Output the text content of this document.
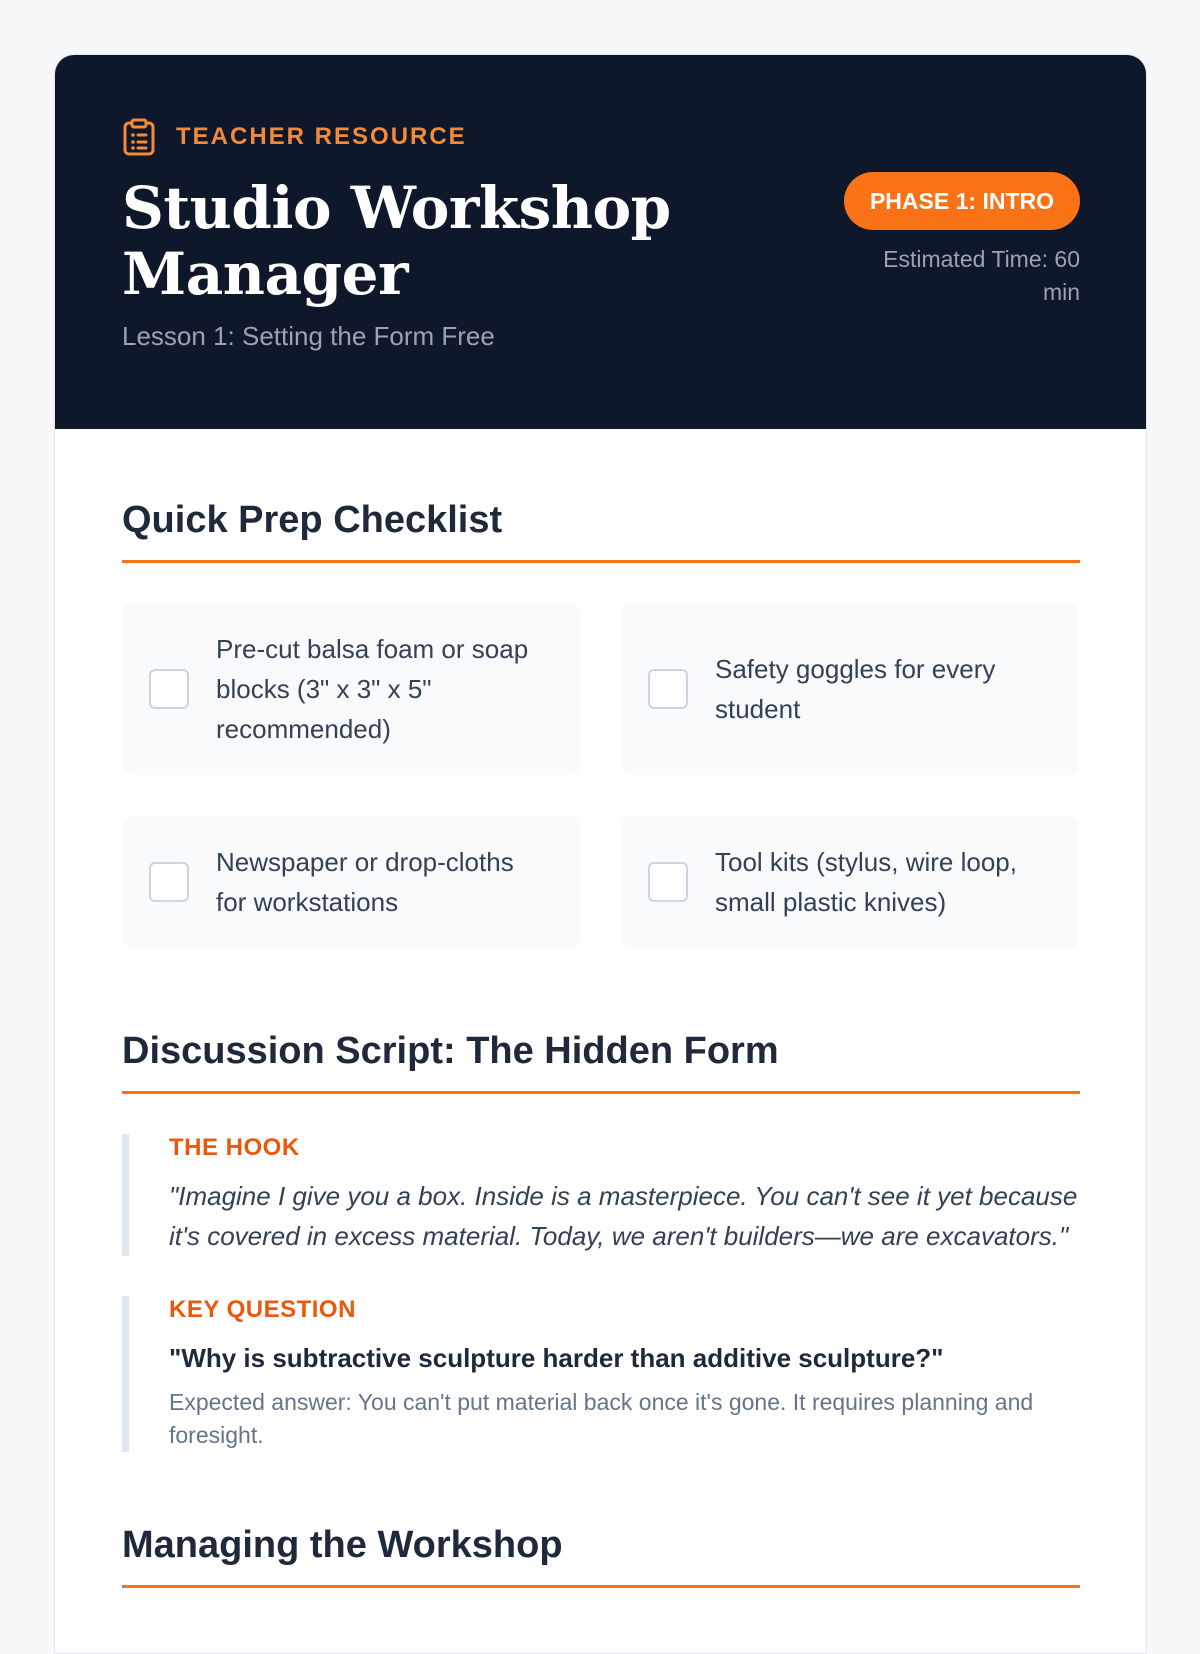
TEACHER RESOURCE
Studio Workshop Manager
Lesson 1: Setting the Form Free
PHASE 1: INTRO
Estimated Time: 60 min
Quick Prep Checklist
Pre-cut balsa foam or soap blocks (3" x 3" x 5" recommended)
Safety goggles for every student
Newspaper or drop-cloths for workstations
Tool kits (stylus, wire loop, small plastic knives)
Discussion Script: The Hidden Form
THE HOOK
"Imagine I give you a box. Inside is a masterpiece. You can't see it yet because it's covered in excess material. Today, we aren't builders—we are excavators."
KEY QUESTION
"Why is subtractive sculpture harder than additive sculpture?"
Expected answer: You can't put material back once it's gone. It requires planning and foresight.
Managing the Workshop
